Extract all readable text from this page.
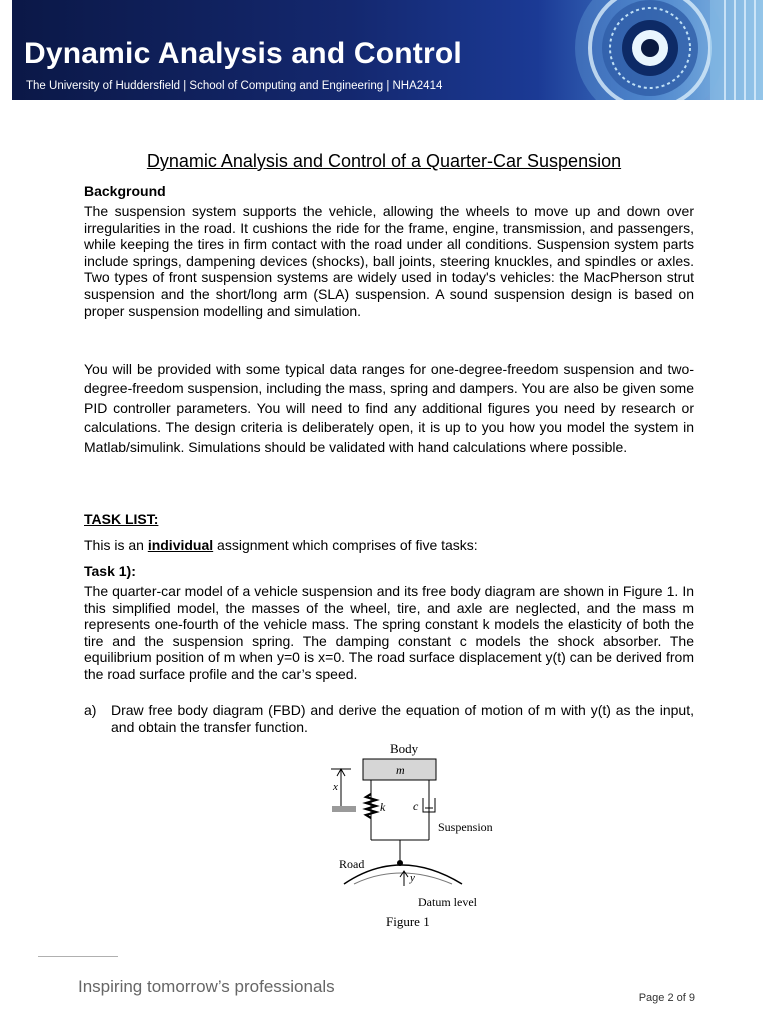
Dynamic Analysis and Control
The University of Huddersfield | School of Computing and Engineering | NHA2414
Dynamic Analysis and Control of a Quarter-Car Suspension

Background

The suspension system supports the vehicle, allowing the wheels to move up and down over irregularities in the road. It cushions the ride for the frame, engine, transmission, and passengers, while keeping the tires in firm contact with the road under all conditions. Suspension system parts include springs, dampening devices (shocks), ball joints, steering knuckles, and spindles or axles. Two types of front suspension systems are widely used in today's vehicles: the MacPherson strut suspension and the short/long arm (SLA) suspension. A sound suspension design is based on proper suspension modelling and simulation.

You will be provided with some typical data ranges for one-degree-freedom suspension and two-degree-freedom suspension, including the mass, spring and dampers. You are also be given some PID controller parameters. You will need to find any additional figures you need by research or calculations. The design criteria is deliberately open, it is up to you how you model the system in Matlab/simulink. Simulations should be validated with hand calculations where possible.

TASK LIST:

This is an individual assignment which comprises of five tasks:

Task 1):

The quarter-car model of a vehicle suspension and its free body diagram are shown in Figure 1. In this simplified model, the masses of the wheel, tire, and axle are neglected, and the mass m represents one-fourth of the vehicle mass. The spring constant k models the elasticity of both the tire and the suspension spring. The damping constant c models the shock absorber. The equilibrium position of m when y=0 is x=0. The road surface displacement y(t) can be derived from the road surface profile and the car’s speed.

a) Draw free body diagram (FBD) and derive the equation of motion of m with y(t) as the input, and obtain the transfer function.
Body
m
x
k c
Suspension
Road
y
Datum level
Figure 1
Inspiring tomorrow’s professionals
Page 2 of 9
